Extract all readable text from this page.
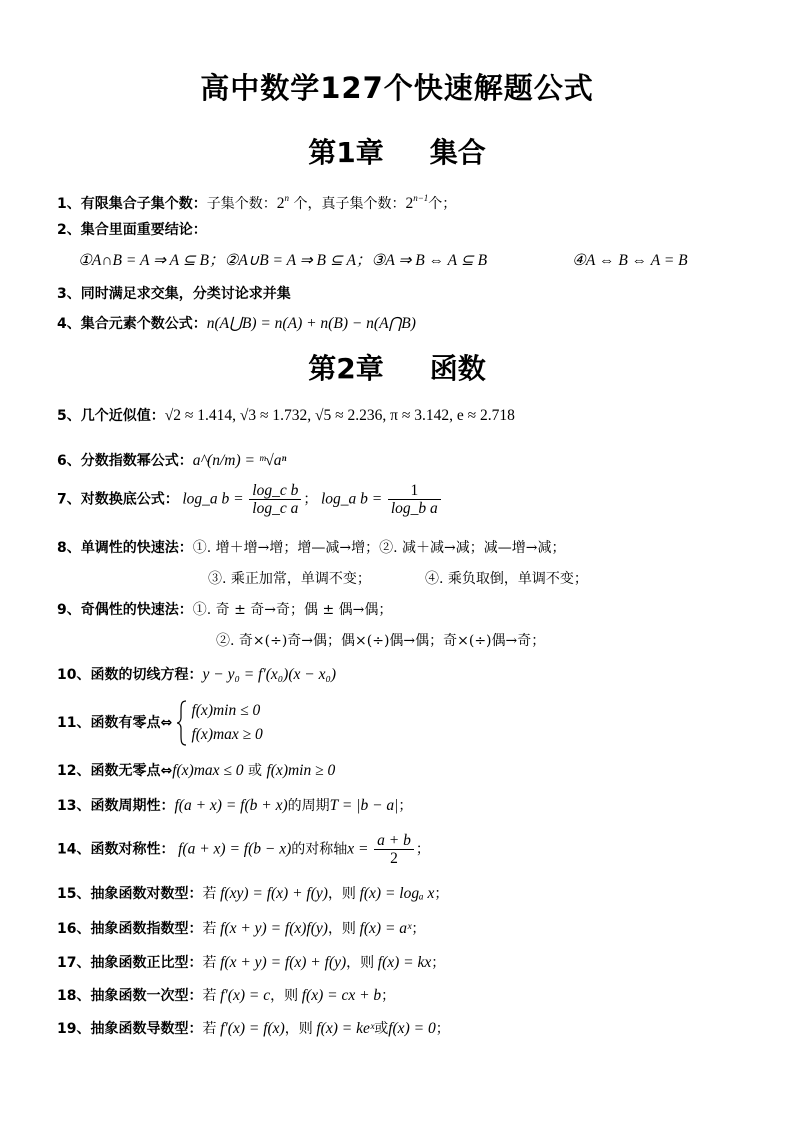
高中数学127个快速解题公式
第1章 集合
1、有限集合子集个数：子集个数：2$^n$ 个，真子集个数：$2^{n-1}$个；
2、集合里面重要结论：
①A∩B = A ⇒ A ⊆ B；②A∪B = A ⇒ B ⊆ A；③A ⇒ B ⇔ A ⊆ B	④A ⇔ B ⇔ A = B
3、同时满足求交集，分类讨论求并集
4、集合元素个数公式：n(A⋃B) = n(A) + n(B) − n(A⋂B)
第2章 函数
5、几个近似值：√2 ≈ 1.414, √3 ≈ 1.732, √5 ≈ 2.236, π ≈ 3.142, e ≈ 2.718
6、分数指数幂公式：a^(n/m) = ᵐ√aⁿ
7、对数换底公式： log_a $b = \frac{\text{log\_c b}}{\text{log\_c a}}$ ； log_a $b = \frac{1}{\text{log\_b a}}$
8、单调性的快速法：①. 增＋增→增；增—减→增；②. 减＋减→减；减—增→减；
③. 乘正加常，单调不变；	④. 乘负取倒，单调不变；
9、奇偶性的快速法：①. 奇 ± 奇→奇；偶 ± 偶→偶；
②. 奇×(÷)奇→偶；偶×(÷)偶→偶；奇×(÷)偶→奇；
10、函数的切线方程：y − y₀ = f′(x₀)(x − x₀)
11、函数有零点⇔
f(x)min ≤ 0
f(x)max ≥ 0
12、函数无零点⇔f(x)max ≤ 0 或 f(x)min ≥ 0
13、函数周期性：f(a + x) = f(b + x)的周期T = |b − a|；
14、函数对称性： f(a + x) = f(b − x)的对称轴$x = \frac{a + b}{2}$ ；
15、抽象函数对数型：若 f(xy) = f(x) + f(y)，则 f(x) = logₐ x；
16、抽象函数指数型：若 f(x + y) = f(x)f(y)，则 f(x) = aˣ；
17、抽象函数正比型：若 f(x + y) = f(x) + f(y)，则 f(x) = kx；
18、抽象函数一次型：若 f′(x) = c，则 f(x) = cx + b；
19、抽象函数导数型：若 f′(x) = f(x)，则 f(x) = keˣ或f(x) = 0；
